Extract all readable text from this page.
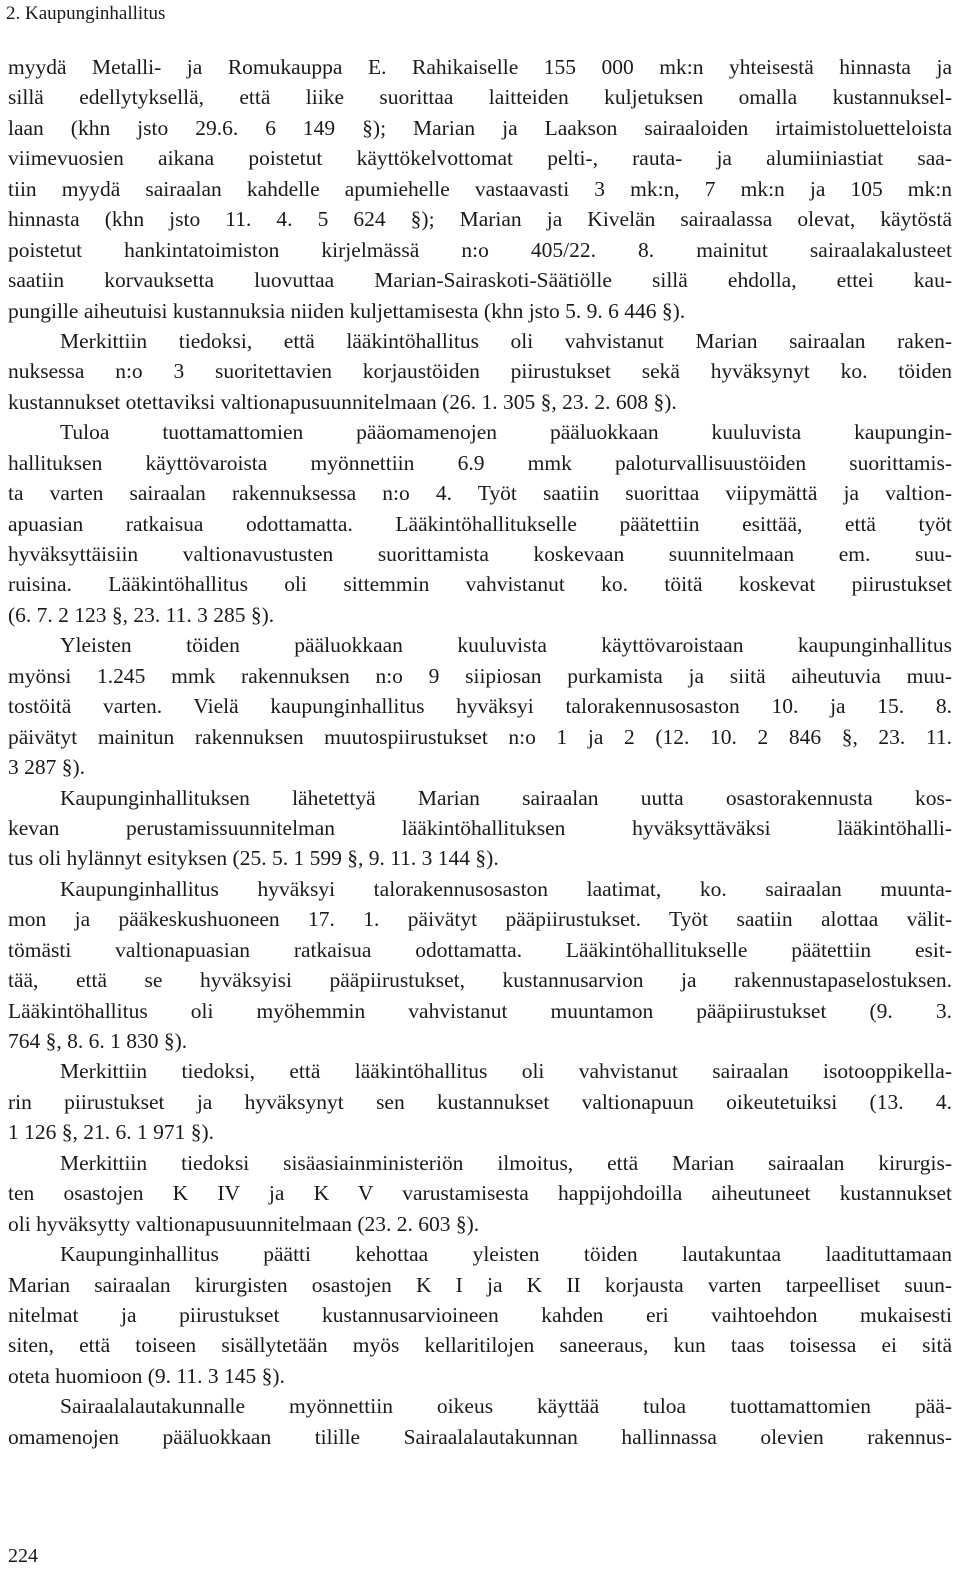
2. Kaupunginhallitus
myydä Metalli- ja Romukauppa E. Rahikaiselle 155 000 mk:n yhteisestä hinnasta ja
sillä edellytyksellä, että liike suorittaa laitteiden kuljetuksen omalla kustannuksel-
laan (khn jsto 29.6. 6 149 §); Marian ja Laakson sairaaloiden irtaimistoluetteloista
viimevuosien aikana poistetut käyttökelvottomat pelti-, rauta- ja alumiiniastiat saa-
tiin myydä sairaalan kahdelle apumiehelle vastaavasti 3 mk:n, 7 mk:n ja 105 mk:n
hinnasta (khn jsto 11. 4. 5 624 §); Marian ja Kivelän sairaalassa olevat, käytöstä
poistetut hankintatoimiston kirjelmässä n:o 405/22. 8. mainitut sairaalakalusteet
saatiin korvauksetta luovuttaa Marian-Sairaskoti-Säätiölle sillä ehdolla, ettei kau-
pungille aiheutuisi kustannuksia niiden kuljettamisesta (khn jsto 5. 9. 6 446 §).
Merkittiin tiedoksi, että lääkintöhallitus oli vahvistanut Marian sairaalan raken-
nuksessa n:o 3 suoritettavien korjaustöiden piirustukset sekä hyväksynyt ko. töiden
kustannukset otettaviksi valtionapusuunnitelmaan (26. 1. 305 §, 23. 2. 608 §).
Tuloa tuottamattomien pääomamenojen pääluokkaan kuuluvista kaupungin-
hallituksen käyttövaroista myönnettiin 6.9 mmk paloturvallisuustöiden suorittamis-
ta varten sairaalan rakennuksessa n:o 4. Työt saatiin suorittaa viipymättä ja valtion-
apuasian ratkaisua odottamatta. Lääkintöhallitukselle päätettiin esittää, että työt
hyväksyttäisiin valtionavustusten suorittamista koskevaan suunnitelmaan em. suu-
ruisina. Lääkintöhallitus oli sittemmin vahvistanut ko. töitä koskevat piirustukset
(6. 7. 2 123 §, 23. 11. 3 285 §).
Yleisten töiden pääluokkaan kuuluvista käyttövaroistaan kaupunginhallitus
myönsi 1.245 mmk rakennuksen n:o 9 siipiosan purkamista ja siitä aiheutuvia muu-
tostöitä varten. Vielä kaupunginhallitus hyväksyi talorakennusosaston 10. ja 15. 8.
päivätyt mainitun rakennuksen muutospiirustukset n:o 1 ja 2 (12. 10. 2 846 §, 23. 11.
3 287 §).
Kaupunginhallituksen lähetettyä Marian sairaalan uutta osastorakennusta kos-
kevan perustamissuunnitelman lääkintöhallituksen hyväksyttäväksi lääkintöhalli-
tus oli hylännyt esityksen (25. 5. 1 599 §, 9. 11. 3 144 §).
Kaupunginhallitus hyväksyi talorakennusosaston laatimat, ko. sairaalan muunta-
mon ja pääkeskushuoneen 17. 1. päivätyt pääpiirustukset. Työt saatiin alottaa välit-
tömästi valtionapuasian ratkaisua odottamatta. Lääkintöhallitukselle päätettiin esit-
tää, että se hyväksyisi pääpiirustukset, kustannusarvion ja rakennustapaselostuksen.
Lääkintöhallitus oli myöhemmin vahvistanut muuntamon pääpiirustukset (9. 3.
764 §, 8. 6. 1 830 §).
Merkittiin tiedoksi, että lääkintöhallitus oli vahvistanut sairaalan isotooppikella-
rin piirustukset ja hyväksynyt sen kustannukset valtionapuun oikeutetuiksi (13. 4.
1 126 §, 21. 6. 1 971 §).
Merkittiin tiedoksi sisäasiainministeriön ilmoitus, että Marian sairaalan kirurgis-
ten osastojen K IV ja K V varustamisesta happijohdoilla aiheutuneet kustannukset
oli hyväksytty valtionapusuunnitelmaan (23. 2. 603 §).
Kaupunginhallitus päätti kehottaa yleisten töiden lautakuntaa laadituttamaan
Marian sairaalan kirurgisten osastojen K I ja K II korjausta varten tarpeelliset suun-
nitelmat ja piirustukset kustannusarvioineen kahden eri vaihtoehdon mukaisesti
siten, että toiseen sisällytetään myös kellaritilojen saneeraus, kun taas toisessa ei sitä
oteta huomioon (9. 11. 3 145 §).
Sairaalalautakunnalle myönnettiin oikeus käyttää tuloa tuottamattomien pää-
omamenojen pääluokkaan tilille Sairaalalautakunnan hallinnassa olevien rakennus-
224
